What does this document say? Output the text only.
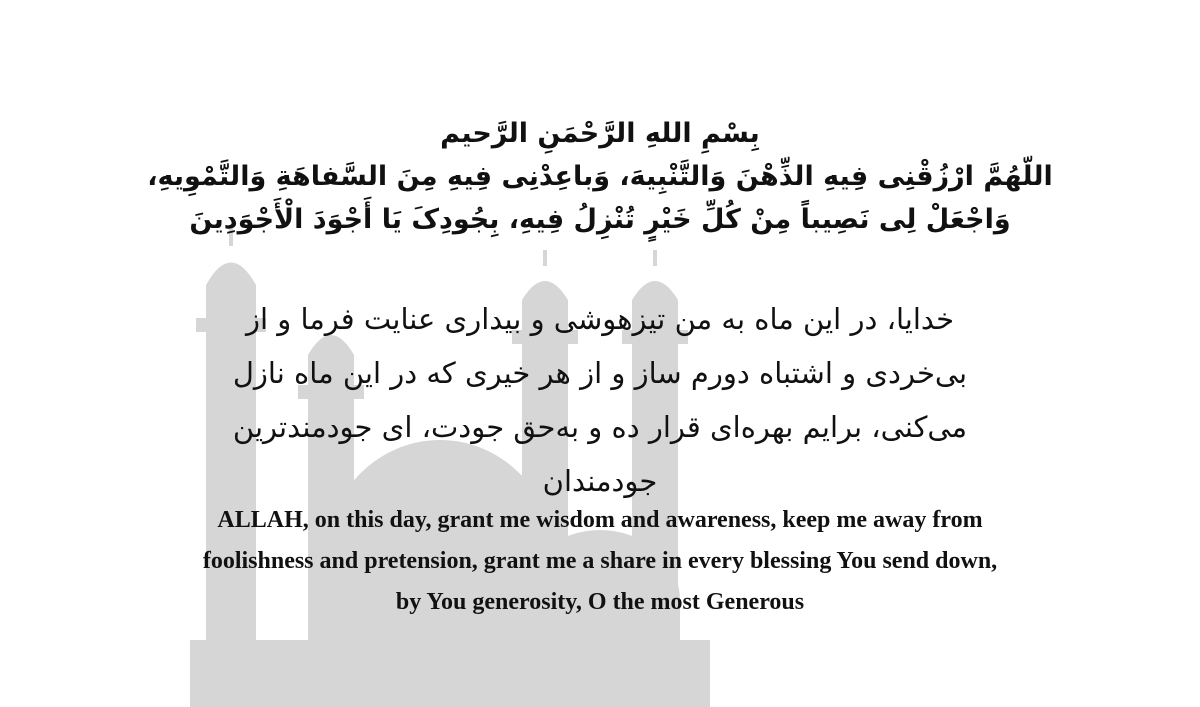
بِسْمِ اللهِ الرَّحْمَنِ الرَّحيم
اللّهُمَّ ارْزُقْنِی فِیهِ الذِّهْنَ وَالتَّنْبِیهَ، وَباعِدْنِی فِیهِ مِنَ السَّفاهَةِ وَالتَّمْوِیهِ،
وَاجْعَلْ لِی نَصِیباً مِنْ کُلِّ خَیْرٍ تُنْزِلُ فِیهِ، بِجُودِکَ یَا أَجْوَدَ الْأَجْوَدِینَ
خدایا، در این ماه به من تیزهوشی و بیداری عنایت فرما و از
بی‌خردی و اشتباه دورم ساز و از هر خیری که در این ماه نازل
می‌کنی، برایم بهره‌ای قرار ده و به‌حق جودت، ای جودمندترین
جودمندان
ALLAH, on this day, grant me wisdom and awareness, keep me away from
foolishness and pretension, grant me a share in every blessing You send down,
by You generosity, O the most Generous
